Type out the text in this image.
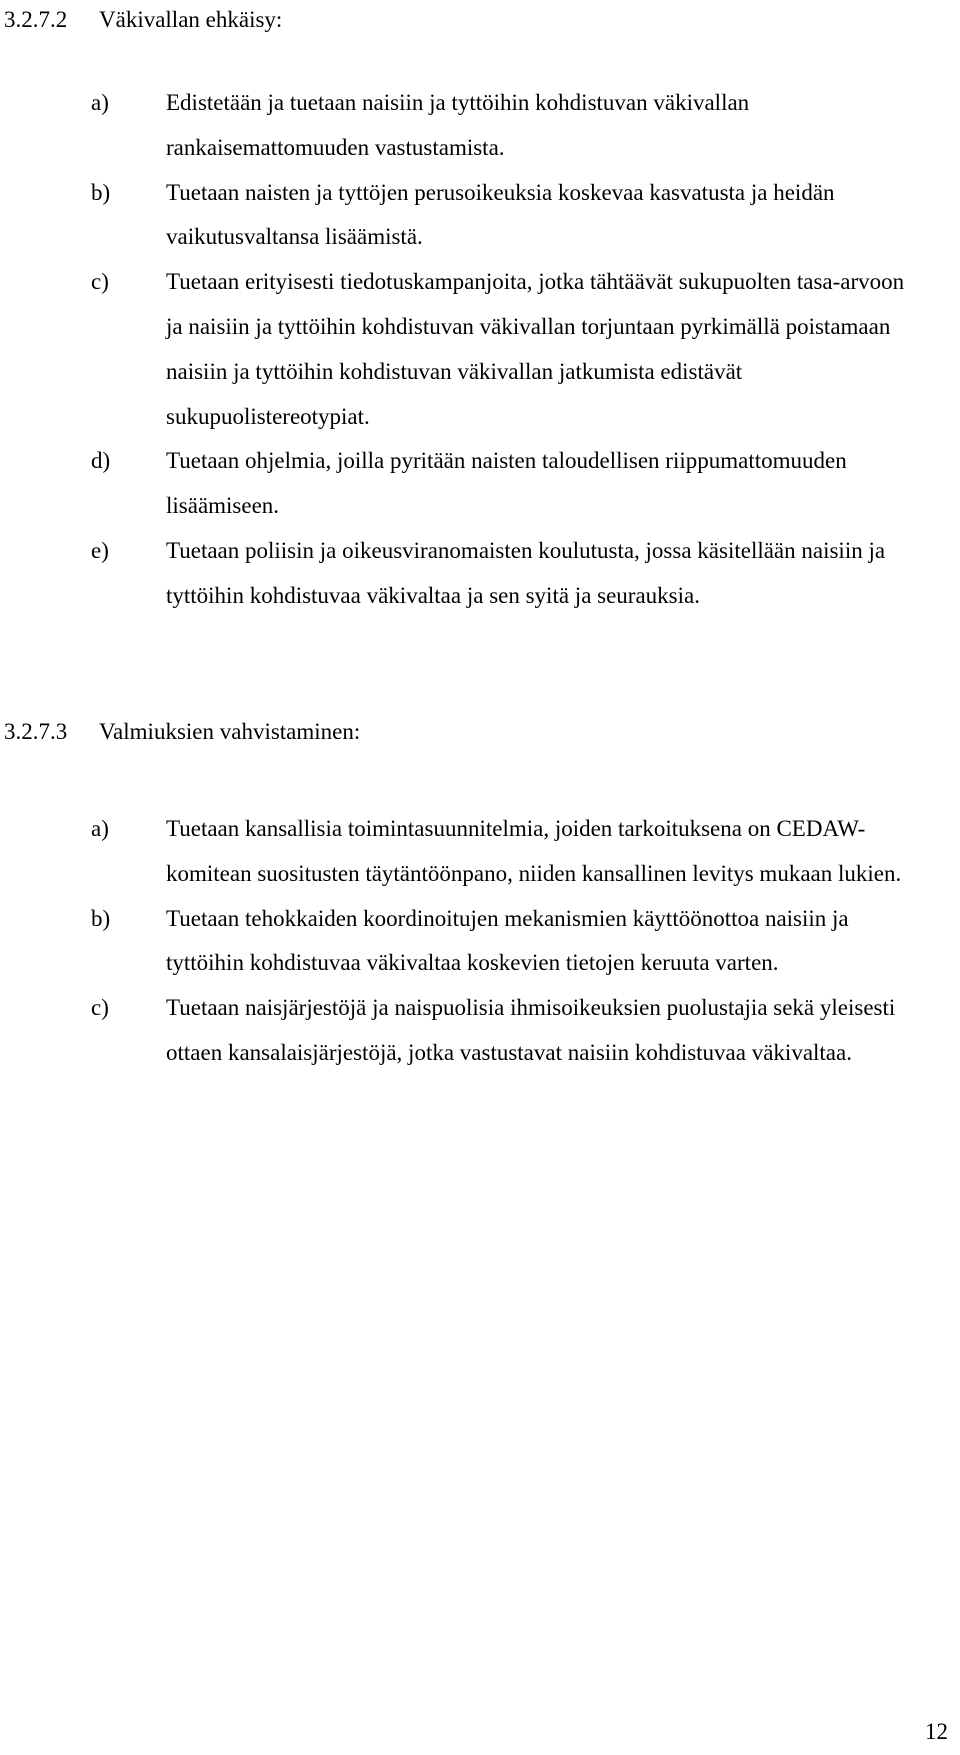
3.2.7.2 Väkivallan ehkäisy:
a) Edistetään ja tuetaan naisiin ja tyttöihin kohdistuvan väkivallan rankaisemattomuuden vastustamista.
b) Tuetaan naisten ja tyttöjen perusoikeuksia koskevaa kasvatusta ja heidän vaikutusvaltansa lisäämistä.
c) Tuetaan erityisesti tiedotuskampanjoita, jotka tähtäävät sukupuolten tasa-arvoon ja naisiin ja tyttöihin kohdistuvan väkivallan torjuntaan pyrkimällä poistamaan naisiin ja tyttöihin kohdistuvan väkivallan jatkumista edistävät sukupuolistereotypiat.
d) Tuetaan ohjelmia, joilla pyritään naisten taloudellisen riippumattomuuden lisäämiseen.
e) Tuetaan poliisin ja oikeusviranomaisten koulutusta, jossa käsitellään naisiin ja tyttöihin kohdistuvaa väkivaltaa ja sen syitä ja seurauksia.
3.2.7.3 Valmiuksien vahvistaminen:
a) Tuetaan kansallisia toimintasuunnitelmia, joiden tarkoituksena on CEDAW-komitean suositusten täytäntöönpano, niiden kansallinen levitys mukaan lukien.
b) Tuetaan tehokkaiden koordinoitujen mekanismien käyttöönottoa naisiin ja tyttöihin kohdistuvaa väkivaltaa koskevien tietojen keruuta varten.
c) Tuetaan naisjärjestöjä ja naispuolisia ihmisoikeuksien puolustajia sekä yleisesti ottaen kansalaisjärjestöjä, jotka vastustavat naisiin kohdistuvaa väkivaltaa.
12
